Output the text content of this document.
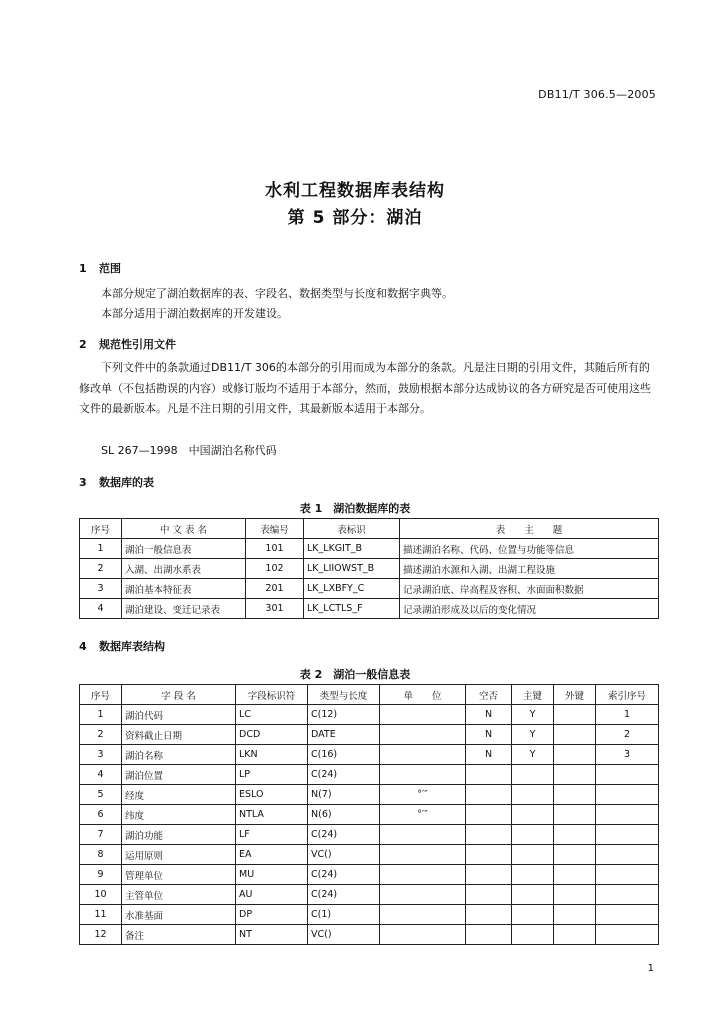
DB11/T 306.5—2005
水利工程数据库表结构
第 5 部分：湖泊
1 范围

本部分规定了湖泊数据库的表、字段名、数据类型与长度和数据字典等。

本部分适用于湖泊数据库的开发建设。

2 规范性引用文件

下列文件中的条款通过DB11/T 306的本部分的引用而成为本部分的条款。凡是注日期的引用文件，其随后所有的修改单（不包括勘误的内容）或修订版均不适用于本部分，然而，鼓励根据本部分达成协议的各方研究是否可使用这些文件的最新版本。凡是不注日期的引用文件，其最新版本适用于本部分。

SL 267—1998　中国湖泊名称代码
3 数据库的表
表 1　湖泊数据库的表
序号	中 文 表 名	表编号	表标识	表　　主　　题
1	湖泊一般信息表	101	LK_LKGIT_B	描述湖泊名称、代码、位置与功能等信息
2	入湖、出湖水系表	102	LK_LIIOWST_B	描述湖泊水源和入湖、出湖工程设施
3	湖泊基本特征表	201	LK_LXBFY_C	记录湖泊底、岸高程及容积、水面面积数据
4	湖泊建设、变迁记录表	301	LK_LCTLS_F	记录湖泊形成及以后的变化情况
4 数据库表结构
表 2　湖泊一般信息表
序号	字 段 名	字段标识符	类型与长度	单　　位	空否	主键	外键	索引序号
1	湖泊代码	LC	C(12)		N	Y		1
2	资料截止日期	DCD	DATE		N	Y		2
3	湖泊名称	LKN	C(16)		N	Y		3
4	湖泊位置	LP	C(24)					
5	经度	ESLO	N(7)	°′″				
6	纬度	NTLA	N(6)	°′″				
7	湖泊功能	LF	C(24)					
8	运用原则	EA	VC()					
9	管理单位	MU	C(24)					
10	主管单位	AU	C(24)					
11	水准基面	DP	C(1)					
12	备注	NT	VC()					
1
